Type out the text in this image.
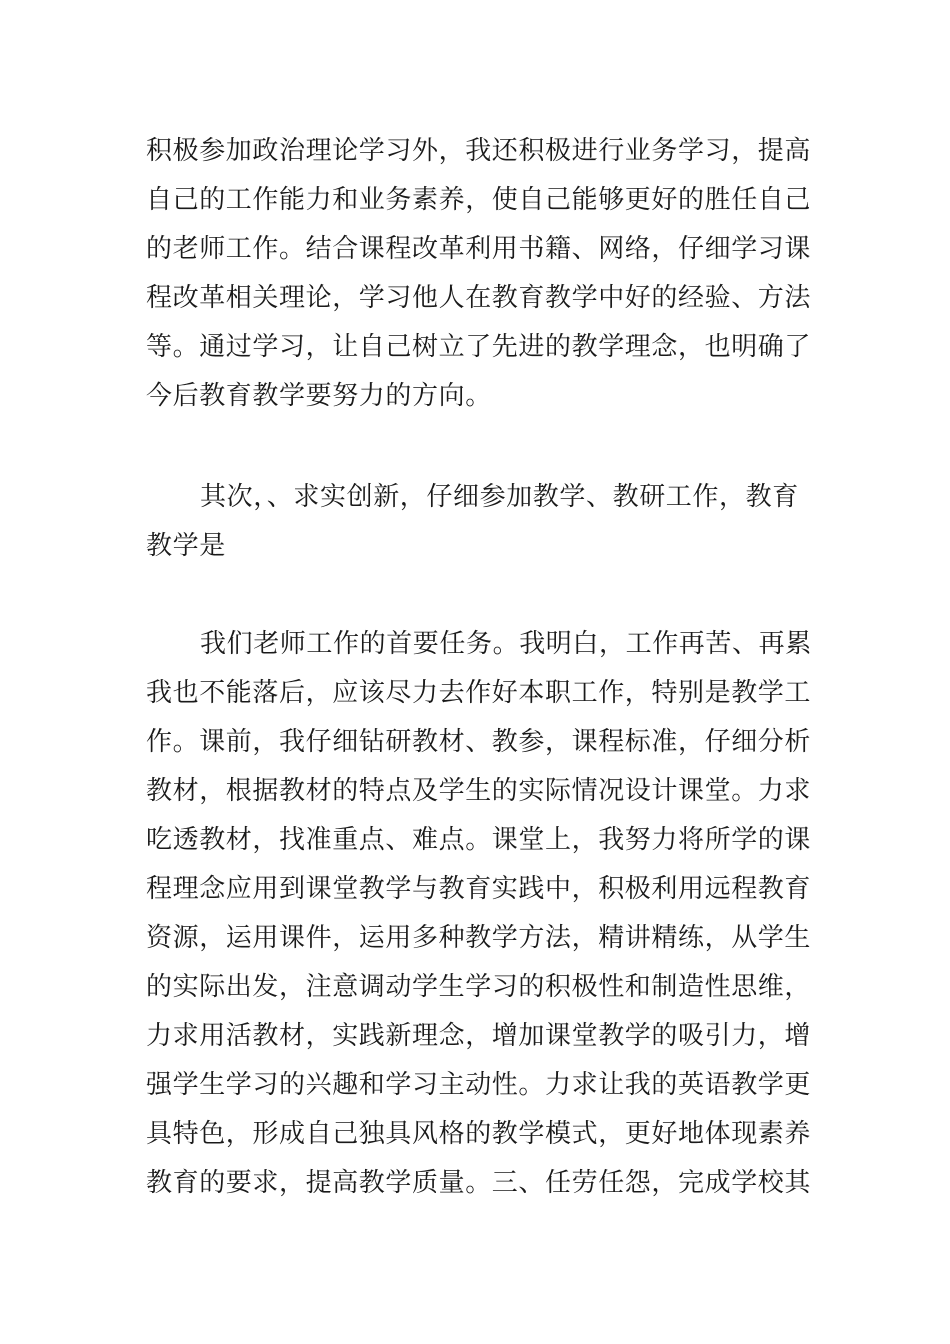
积极参加政治理论学习外，我还积极进行业务学习，提高
自己的工作能力和业务素养，使自己能够更好的胜任自己
的老师工作。结合课程改革利用书籍、网络，仔细学习课
程改革相关理论，学习他人在教育教学中好的经验、方法
等。通过学习，让自己树立了先进的教学理念，也明确了
今后教育教学要努力的方向。
其次，、求实创新，仔细参加教学、教研工作，教育
教学是
我们老师工作的首要任务。我明白，工作再苦、再累
我也不能落后，应该尽力去作好本职工作，特别是教学工
作。课前，我仔细钻研教材、教参，课程标准，仔细分析
教材，根据教材的特点及学生的实际情况设计课堂。力求
吃透教材，找准重点、难点。课堂上，我努力将所学的课
程理念应用到课堂教学与教育实践中，积极利用远程教育
资源，运用课件，运用多种教学方法，精讲精练，从学生
的实际出发，注意调动学生学习的积极性和制造性思维，
力求用活教材，实践新理念，增加课堂教学的吸引力，增
强学生学习的兴趣和学习主动性。力求让我的英语教学更
具特色，形成自己独具风格的教学模式，更好地体现素养
教育的要求，提高教学质量。三、任劳任怨，完成学校其
